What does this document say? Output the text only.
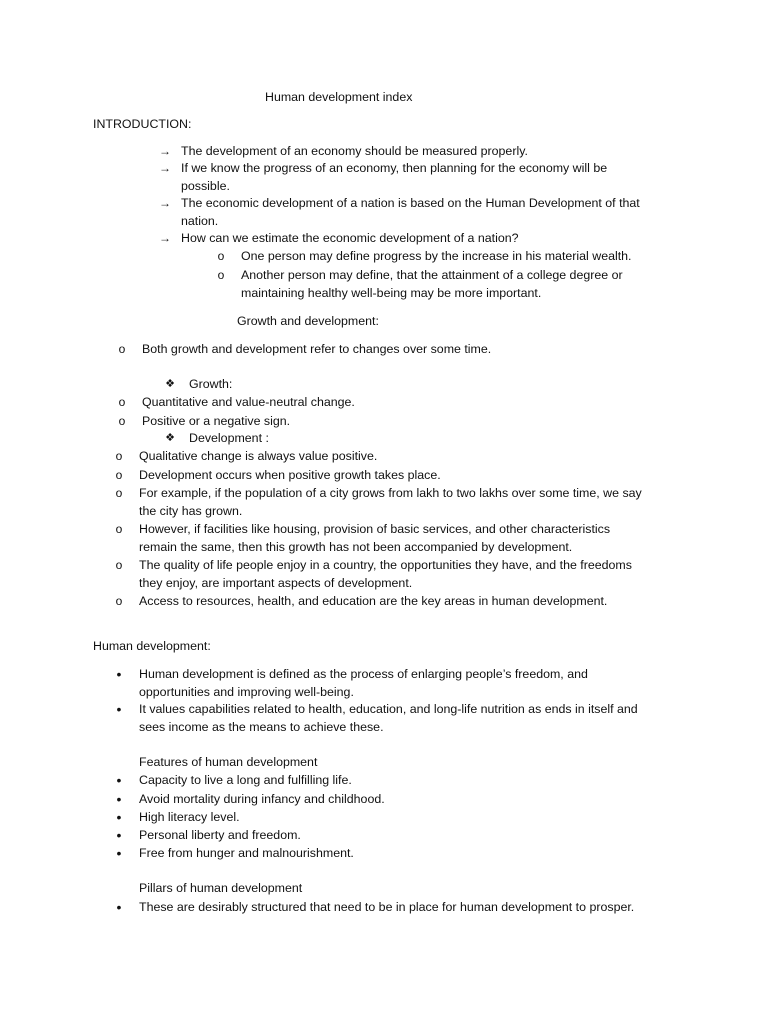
Human development index
INTRODUCTION:
→ The development of an economy should be measured properly.
→ If we know the progress of an economy, then planning for the economy will be
possible.
→ The economic development of a nation is based on the Human Development of that
nation.
→ How can we estimate the economic development of a nation?
o One person may define progress by the increase in his material wealth.
o Another person may define, that the attainment of a college degree or
maintaining healthy well-being may be more important.
Growth and development:
o Both growth and development refer to changes over some time.
❖ Growth:
o Quantitative and value-neutral change.
o Positive or a negative sign.
❖ Development :
o Qualitative change is always value positive.
o Development occurs when positive growth takes place.
o For example, if the population of a city grows from lakh to two lakhs over some time, we say
the city has grown.
o However, if facilities like housing, provision of basic services, and other characteristics
remain the same, then this growth has not been accompanied by development.
o The quality of life people enjoy in a country, the opportunities they have, and the freedoms
they enjoy, are important aspects of development.
o Access to resources, health, and education are the key areas in human development.
Human development:
• Human development is defined as the process of enlarging people’s freedom, and
opportunities and improving well-being.
• It values capabilities related to health, education, and long-life nutrition as ends in itself and
sees income as the means to achieve these.
Features of human development
• Capacity to live a long and fulfilling life.
• Avoid mortality during infancy and childhood.
• High literacy level.
• Personal liberty and freedom.
• Free from hunger and malnourishment.
Pillars of human development
• These are desirably structured that need to be in place for human development to prosper.
